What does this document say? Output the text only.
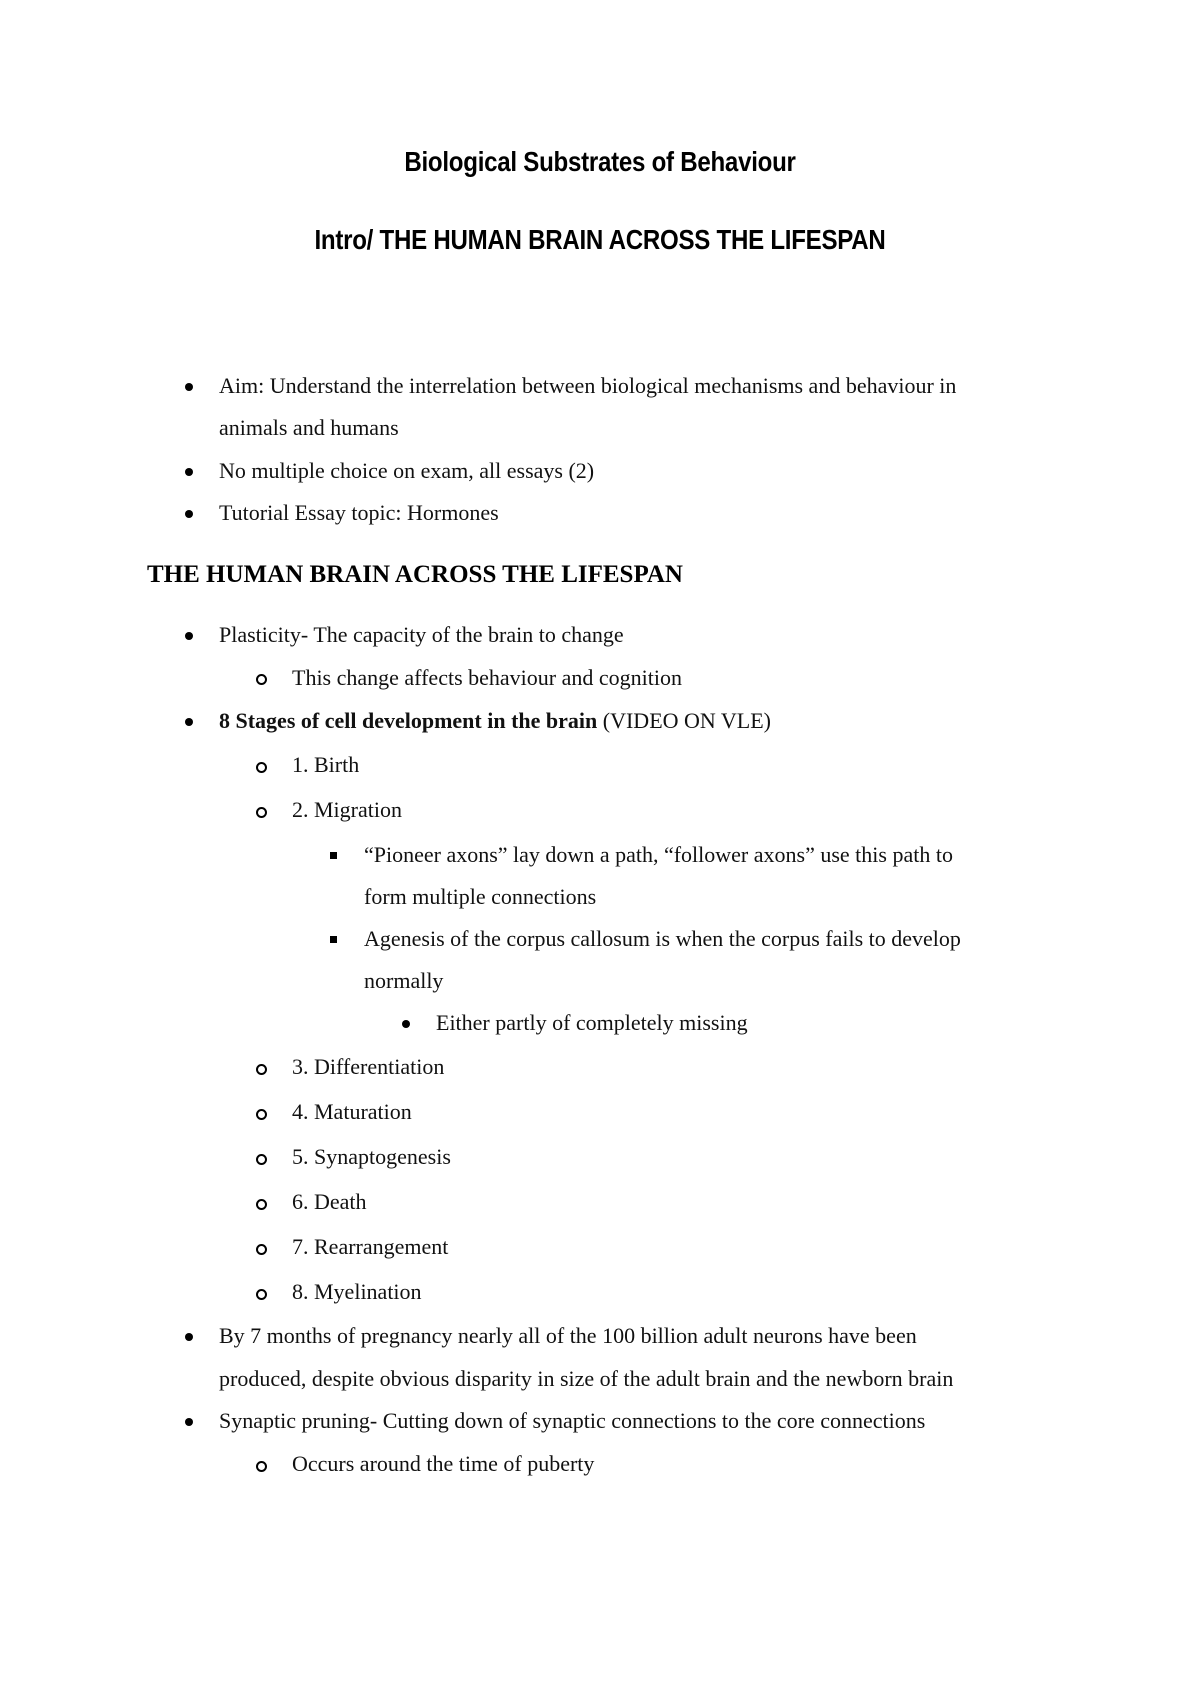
Biological Substrates of Behaviour
Intro/ THE HUMAN BRAIN ACROSS THE LIFESPAN
Aim: Understand the interrelation between biological mechanisms and behaviour in
animals and humans
No multiple choice on exam, all essays (2)
Tutorial Essay topic: Hormones
THE HUMAN BRAIN ACROSS THE LIFESPAN
Plasticity- The capacity of the brain to change
This change affects behaviour and cognition
8 Stages of cell development in the brain (VIDEO ON VLE)
1. Birth
2. Migration
“Pioneer axons” lay down a path, “follower axons” use this path to
form multiple connections
Agenesis of the corpus callosum is when the corpus fails to develop
normally
Either partly of completely missing
3. Differentiation
4. Maturation
5. Synaptogenesis
6. Death
7. Rearrangement
8. Myelination
By 7 months of pregnancy nearly all of the 100 billion adult neurons have been
produced, despite obvious disparity in size of the adult brain and the newborn brain
Synaptic pruning- Cutting down of synaptic connections to the core connections
Occurs around the time of puberty
